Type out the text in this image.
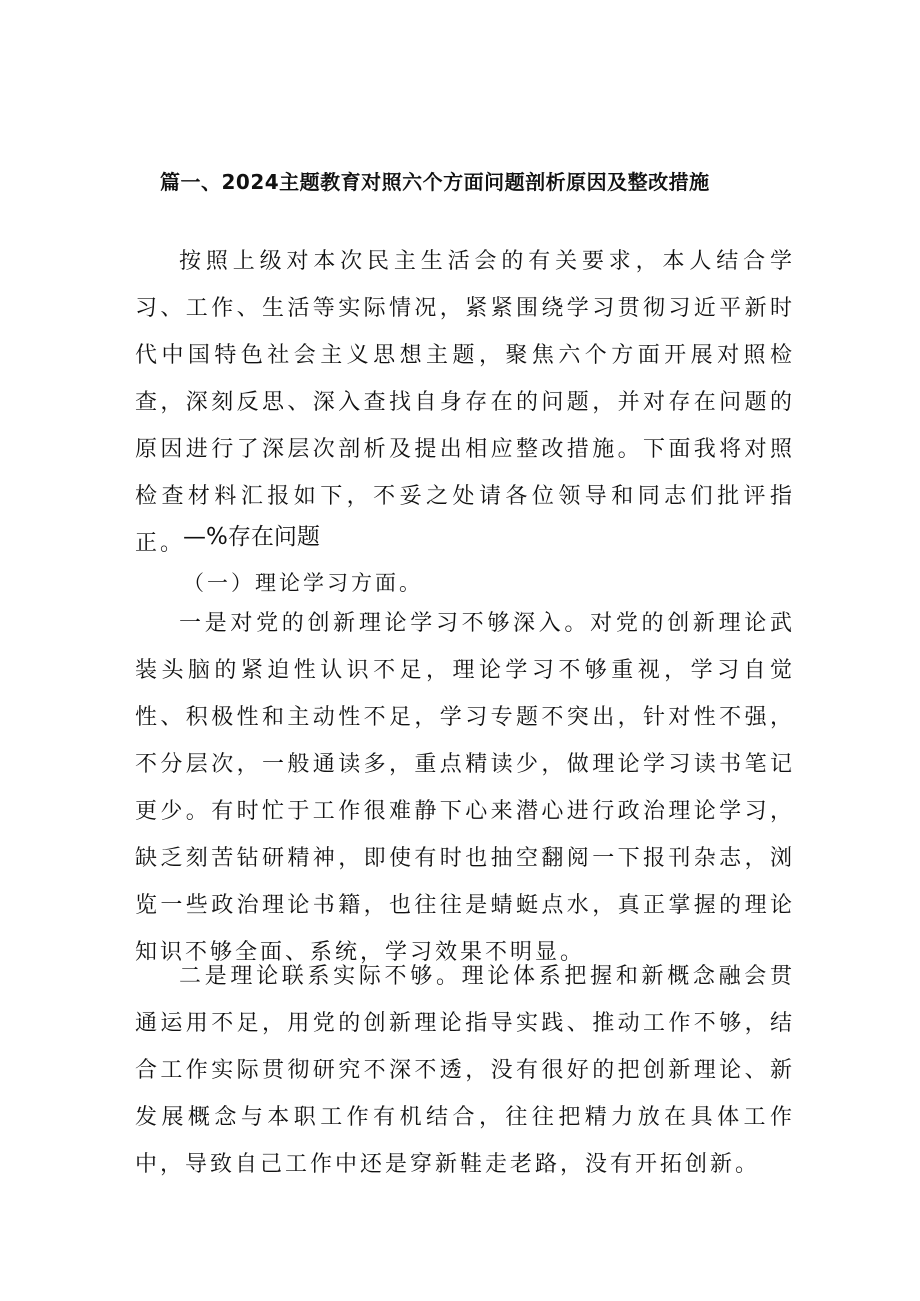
篇一、2024主题教育对照六个方面问题剖析原因及整改措施

按照上级对本次民主生活会的有关要求，本人结合学习、工作、生活等实际情况，紧紧围绕学习贯彻习近平新时代中国特色社会主义思想主题，聚焦六个方面开展对照检查，深刻反思、深入查找自身存在的问题，并对存在问题的原因进行了深层次剖析及提出相应整改措施。下面我将对照检查材料汇报如下，不妥之处请各位领导和同志们批评指正。

—%存在问题
（一）理论学习方面。

一是对党的创新理论学习不够深入。对党的创新理论武装头脑的紧迫性认识不足，理论学习不够重视，学习自觉性、积极性和主动性不足，学习专题不突出，针对性不强，不分层次，一般通读多，重点精读少，做理论学习读书笔记更少。有时忙于工作很难静下心来潜心进行政治理论学习，缺乏刻苦钻研精神，即使有时也抽空翻阅一下报刊杂志，浏览一些政治理论书籍，也往往是蜻蜓点水，真正掌握的理论知识不够全面、系统，学习效果不明显。

二是理论联系实际不够。理论体系把握和新概念融会贯通运用不足，用党的创新理论指导实践、推动工作不够，结合工作实际贯彻研究不深不透，没有很好的把创新理论、新发展概念与本职工作有机结合，往往把精力放在具体工作中，导致自己工作中还是穿新鞋走老路，没有开拓创新。
